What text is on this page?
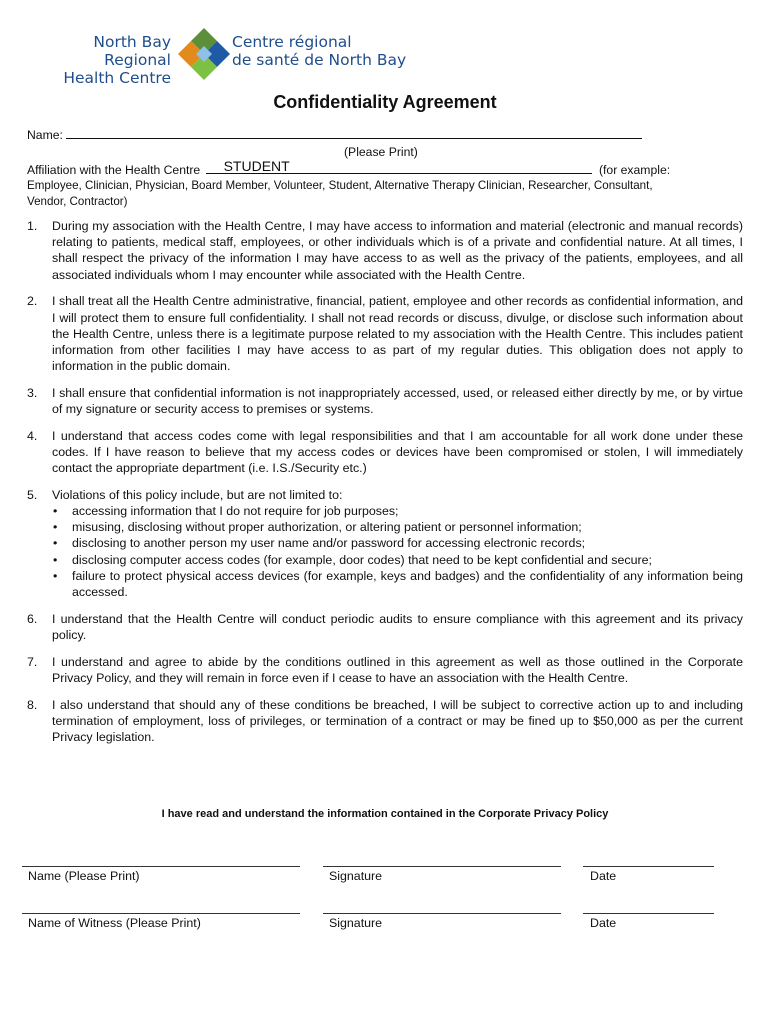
North Bay Regional
Health Centre
Centre régional
de santé de North Bay
Confidentiality Agreement
Name:
(Please Print)
Affiliation with the Health Centre STUDENT	(for example:
Employee, Clinician, Physician, Board Member, Volunteer, Student, Alternative Therapy Clinician, Researcher, Consultant,
Vendor, Contractor)
1. During my association with the Health Centre, I may have access to information and material (electronic and manual records) relating to patients, medical staff, employees, or other individuals which is of a private and confidential nature. At all times, I shall respect the privacy of the information I may have access to as well as the privacy of the patients, employees, and all associated individuals whom I may encounter while associated with the Health Centre.
2. I shall treat all the Health Centre administrative, financial, patient, employee and other records as confidential information, and I will protect them to ensure full confidentiality. I shall not read records or discuss, divulge, or disclose such information about the Health Centre, unless there is a legitimate purpose related to my association with the Health Centre. This includes patient information from other facilities I may have access to as part of my regular duties. This obligation does not apply to information in the public domain.
3. I shall ensure that confidential information is not inappropriately accessed, used, or released either directly by me, or by virtue of my signature or security access to premises or systems.
4. I understand that access codes come with legal responsibilities and that I am accountable for all work done under these codes. If I have reason to believe that my access codes or devices have been compromised or stolen, I will immediately contact the appropriate department (i.e. I.S./Security etc.)
5. Violations of this policy include, but are not limited to:
• accessing information that I do not require for job purposes;
• misusing, disclosing without proper authorization, or altering patient or personnel information;
• disclosing to another person my user name and/or password for accessing electronic records;
• disclosing computer access codes (for example, door codes) that need to be kept confidential and secure;
• failure to protect physical access devices (for example, keys and badges) and the confidentiality of any information being accessed.
6. I understand that the Health Centre will conduct periodic audits to ensure compliance with this agreement and its privacy policy.
7. I understand and agree to abide by the conditions outlined in this agreement as well as those outlined in the Corporate Privacy Policy, and they will remain in force even if I cease to have an association with the Health Centre.
8. I also understand that should any of these conditions be breached, I will be subject to corrective action up to and including termination of employment, loss of privileges, or termination of a contract or may be fined up to $50,000 as per the current Privacy legislation.
I have read and understand the information contained in the Corporate Privacy Policy
Name (Please Print)	Signature	Date
Name of Witness (Please Print)	Signature	Date
